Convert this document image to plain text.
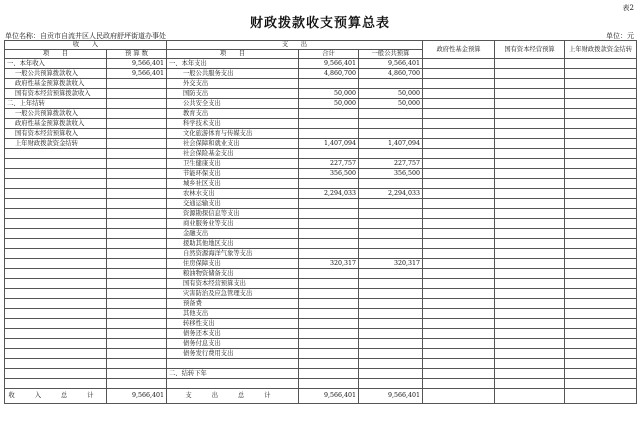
表2
财政拨款收支预算总表
单位名称：自贡市自流井区人民政府舒坪街道办事处	单位：元
收　　入		支　　出			政府性基金预算	国有资本经营预算	上年财政拨款资金结转
项　　目	预 算 数	项　　目	合计	一般公共预算			
一、本年收入	9,566,401	一、本年支出	9,566,401	9,566,401			
一般公共预算拨款收入	9,566,401	一般公共服务支出	4,860,700	4,860,700			
政府性基金预算拨款收入		外交支出					
国有资本经营预算拨款收入		国防支出	50,000	50,000			
二、上年结转		公共安全支出	50,000	50,000			
一般公共预算拨款收入		教育支出					
政府性基金预算拨款收入		科学技术支出					
国有资本经营预算收入		文化旅游体育与传媒支出					
上年财政拨款资金结转		社会保障和就业支出	1,407,094	1,407,094			
		社会保险基金支出					
		卫生健康支出	227,757	227,757			
		节能环保支出	356,500	356,500			
		城乡社区支出					
		农林水支出	2,294,033	2,294,033			
		交通运输支出					
		资源勘探信息等支出					
		商业服务业等支出					
		金融支出					
		援助其他地区支出					
		自然资源海洋气象等支出					
		住房保障支出	320,317	320,317			
		粮油物资储备支出					
		国有资本经营预算支出					
		灾害防治及应急管理支出					
		预备费					
		其他支出					
		转移性支出					
		债务还本支出					
		债务付息支出					
		债务发行费用支出					

		二、结转下年					

收 入 总 计	9,566,401	支 出 总 计	9,566,401	9,566,401			
